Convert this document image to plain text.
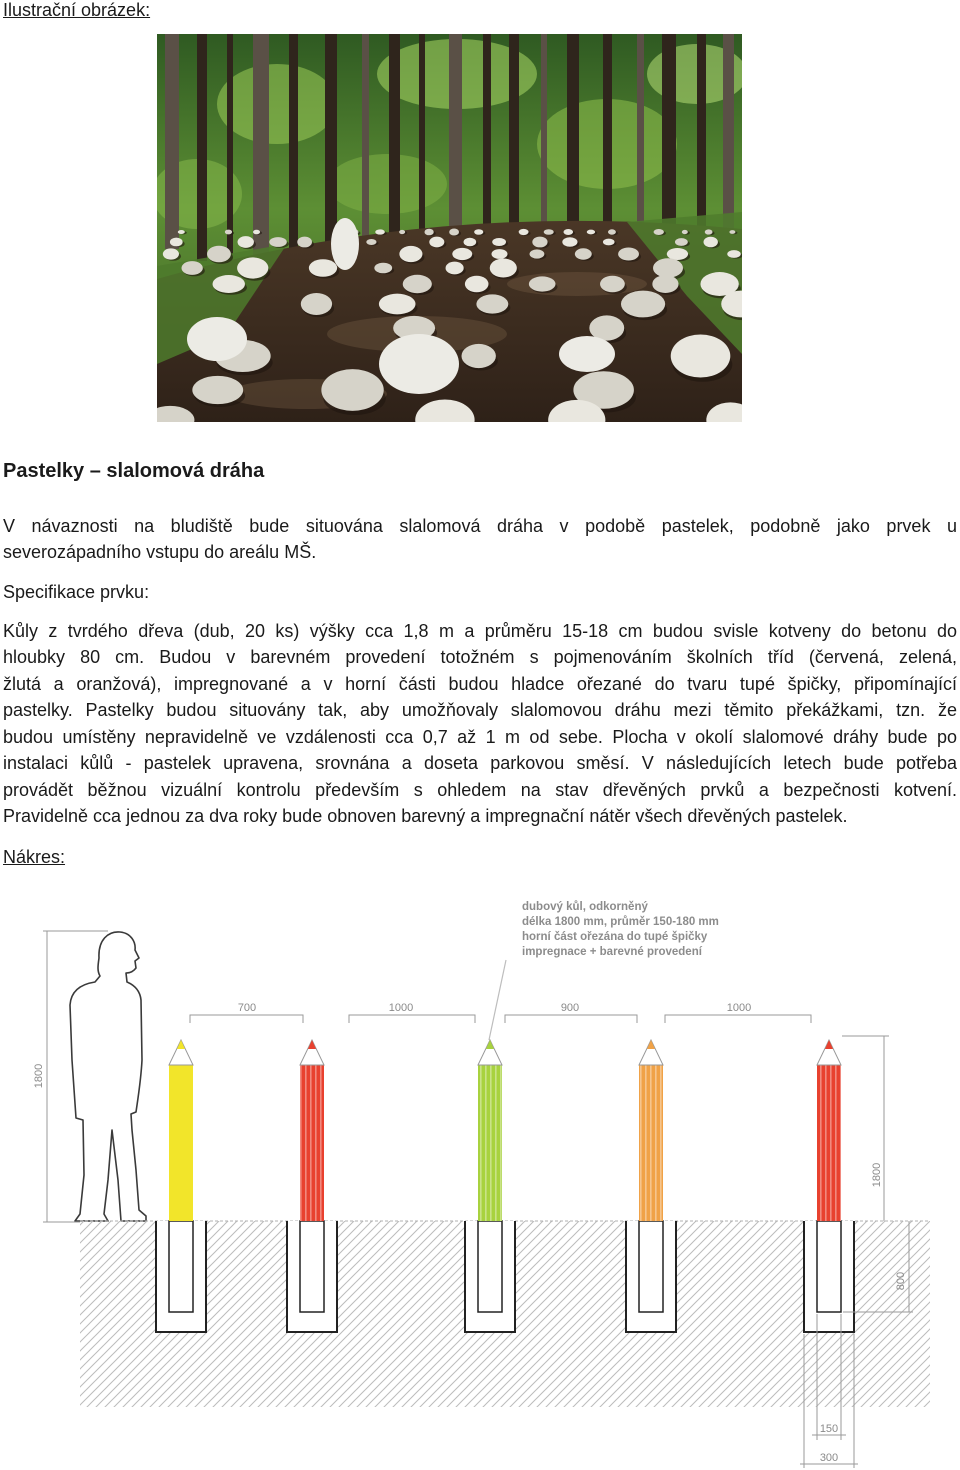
Ilustrační obrázek:
Pastelky – slalomová dráha
V návaznosti na bludiště bude situována slalomová dráha v podobě pastelek, podobně jako prvek u
severozápadního vstupu do areálu MŠ.
Specifikace prvku:
Kůly z tvrdého dřeva (dub, 20 ks) výšky cca 1,8 m a průměru 15-18 cm budou svisle kotveny do betonu do
hloubky 80 cm. Budou v barevném provedení totožném s pojmenováním školních tříd (červená, zelená,
žlutá a oranžová), impregnované a v horní části budou hladce ořezané do tvaru tupé špičky, připomínající
pastelky. Pastelky budou situovány tak, aby umožňovaly slalomovou dráhu mezi těmito překážkami, tzn. že
budou umístěny nepravidelně ve vzdálenosti cca 0,7 až 1 m od sebe. Plocha v okolí slalomové dráhy bude po
instalaci kůlů - pastelek upravena, srovnána a doseta parkovou směsí. V následujících letech bude potřeba
provádět běžnou vizuální kontrolu především s ohledem na stav dřevěných prvků a bezpečnosti kotvení.
Pravidelně cca jednou za dva roky bude obnoven barevný a impregnační nátěr všech dřevěných pastelek.
Nákres:
dubový kůl, odkorněný
délka 1800 mm, průměr 150-180 mm
horní část ořezána do tupé špičky
impregnace + barevné provedení
1800
700	1000	900	1000
1800
800
150
300
